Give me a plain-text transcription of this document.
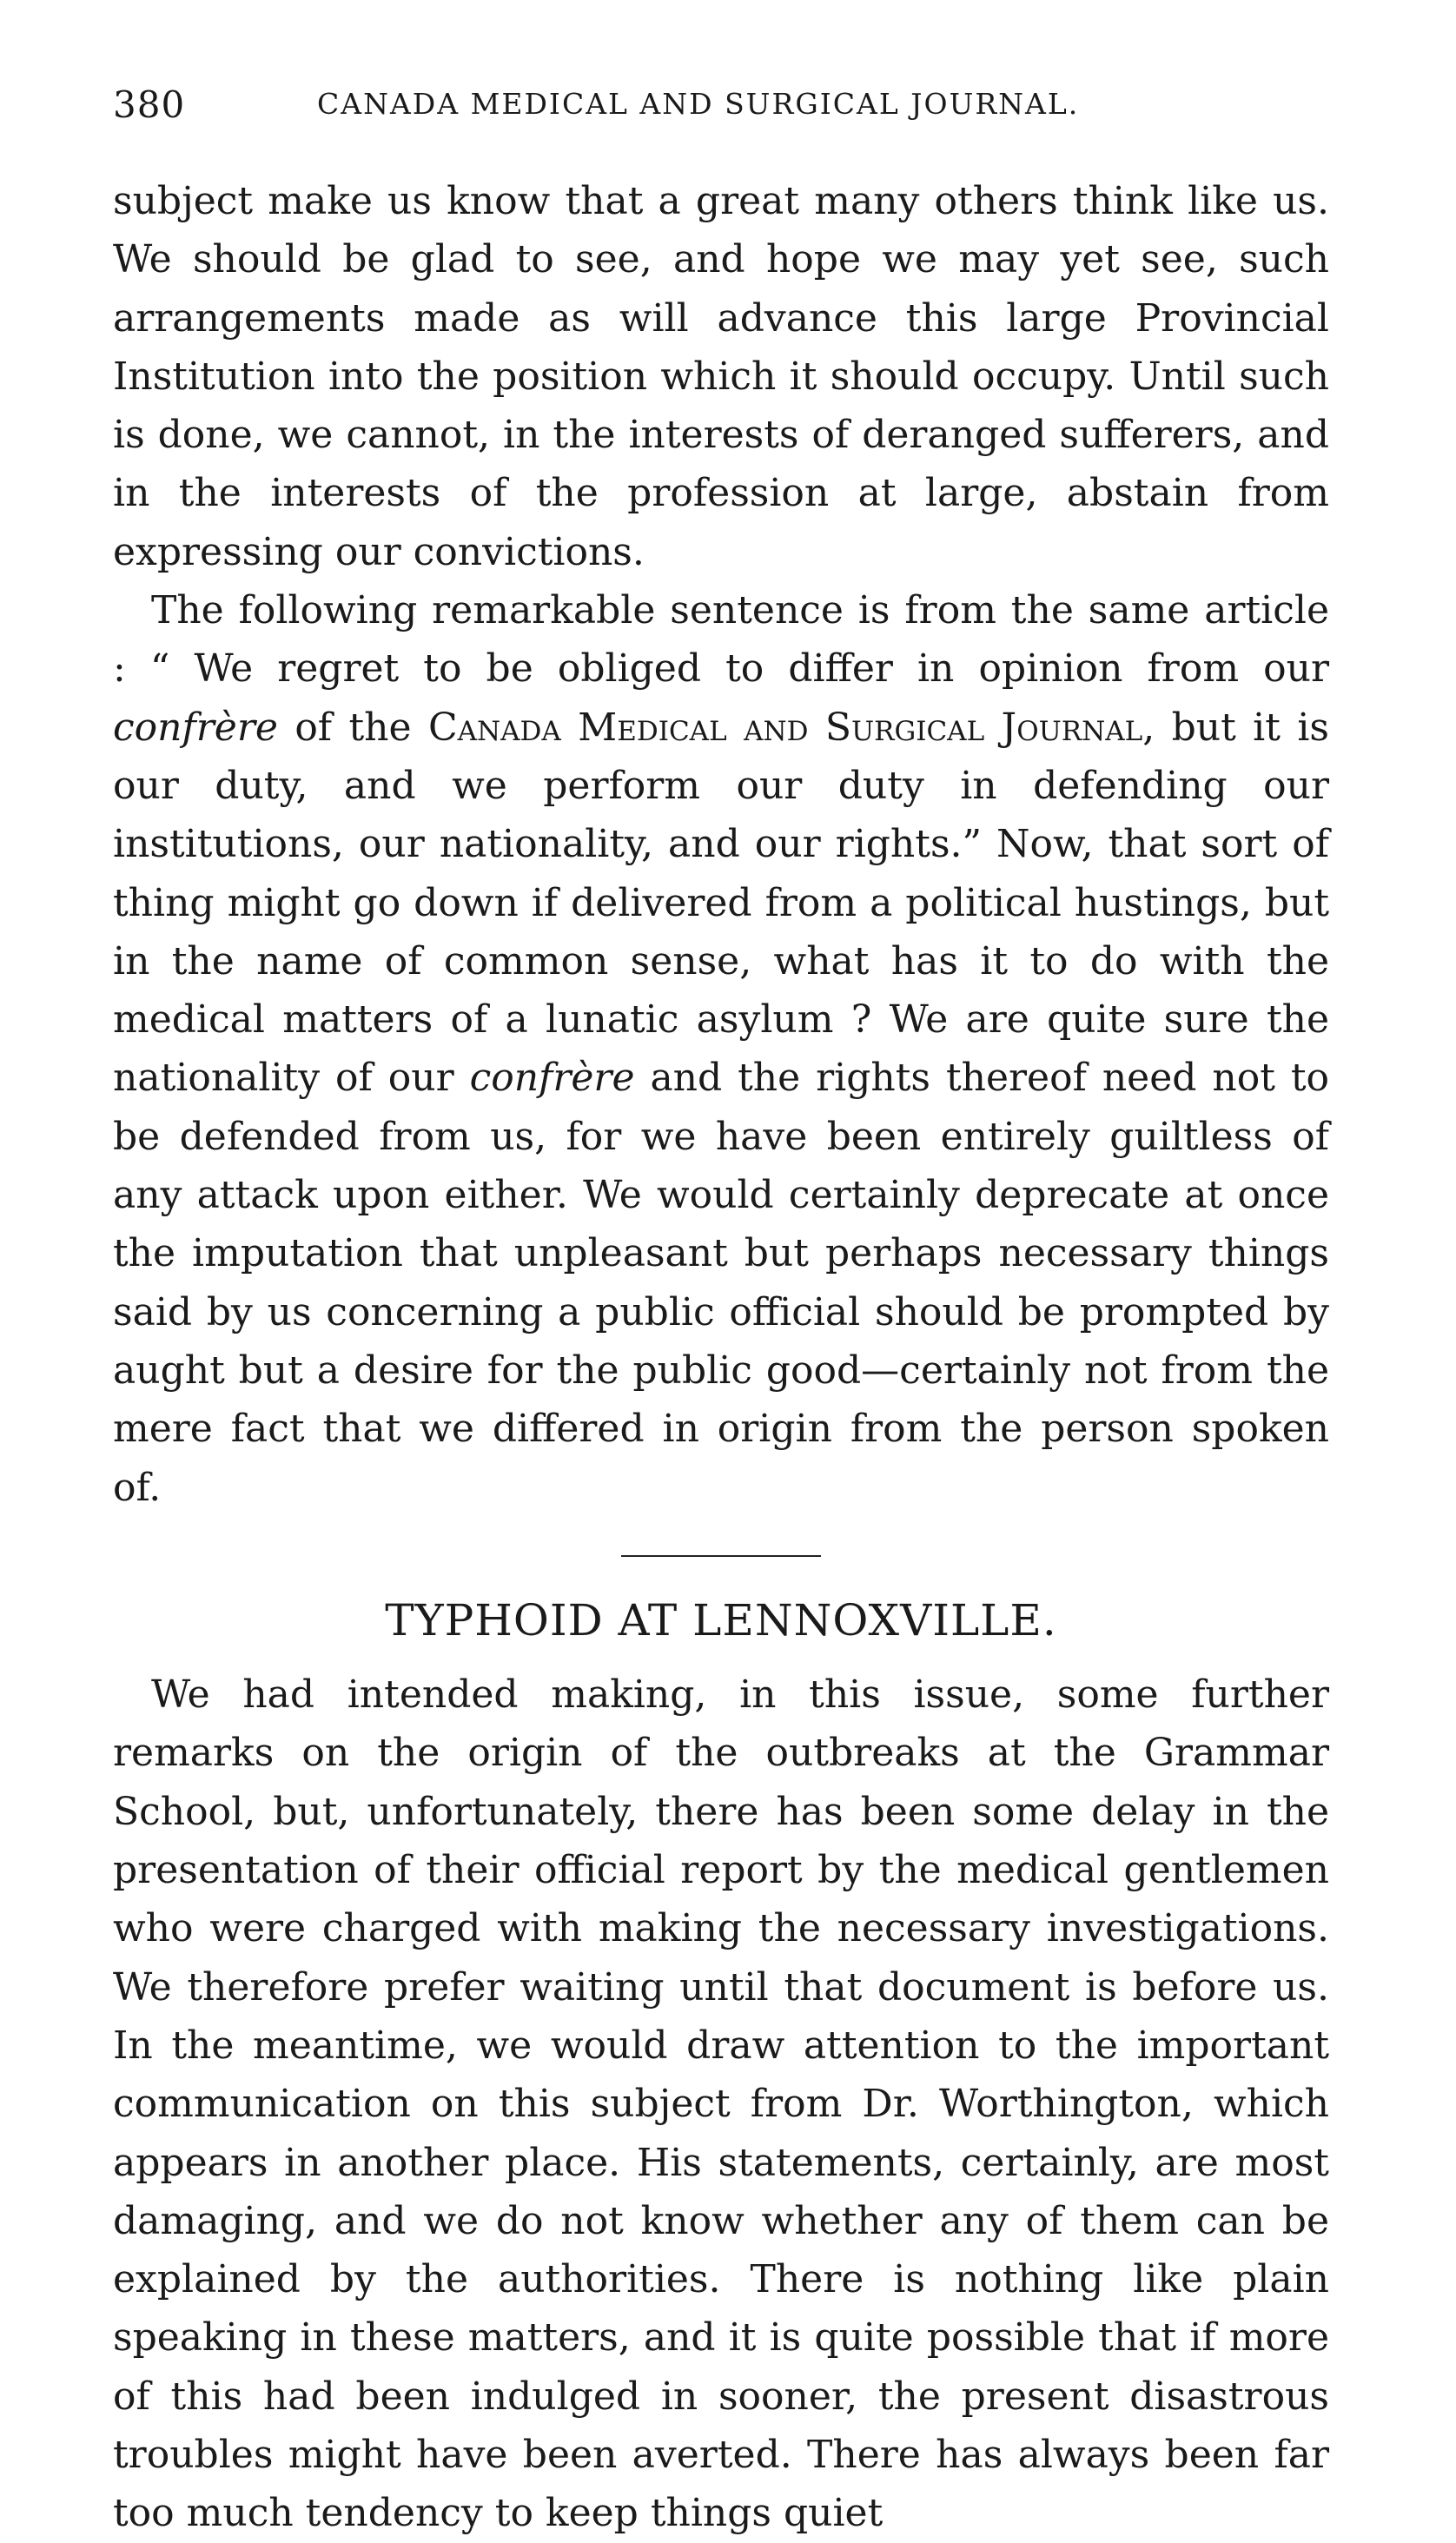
380	CANADA MEDICAL AND SURGICAL JOURNAL.

subject make us know that a great many others think like us. We should be glad to see, and hope we may yet see, such arrangements made as will advance this large Provincial Institution into the position which it should occupy. Until such is done, we cannot, in the interests of deranged sufferers, and in the interests of the profession at large, abstain from expressing our convictions.

The following remarkable sentence is from the same article : “ We regret to be obliged to differ in opinion from our confrère of the Canada Medical and Surgical Journal, but it is our duty, and we perform our duty in defending our institutions, our nationality, and our rights.” Now, that sort of thing might go down if delivered from a political hustings, but in the name of common sense, what has it to do with the medical matters of a lunatic asylum ? We are quite sure the nationality of our confrère and the rights thereof need not to be defended from us, for we have been entirely guiltless of any attack upon either. We would certainly deprecate at once the imputation that unpleasant but perhaps necessary things said by us concerning a public official should be prompted by aught but a desire for the public good—certainly not from the mere fact that we differed in origin from the person spoken of.

TYPHOID AT LENNOXVILLE.

We had intended making, in this issue, some further remarks on the origin of the outbreaks at the Grammar School, but, unfortunately, there has been some delay in the presentation of their official report by the medical gentlemen who were charged with making the necessary investigations. We therefore prefer waiting until that document is before us. In the meantime, we would draw attention to the important communication on this subject from Dr. Worthington, which appears in another place. His statements, certainly, are most damaging, and we do not know whether any of them can be explained by the authorities. There is nothing like plain speaking in these matters, and it is quite possible that if more of this had been indulged in sooner, the present disastrous troubles might have been averted. There has always been far too much tendency to keep things quiet
